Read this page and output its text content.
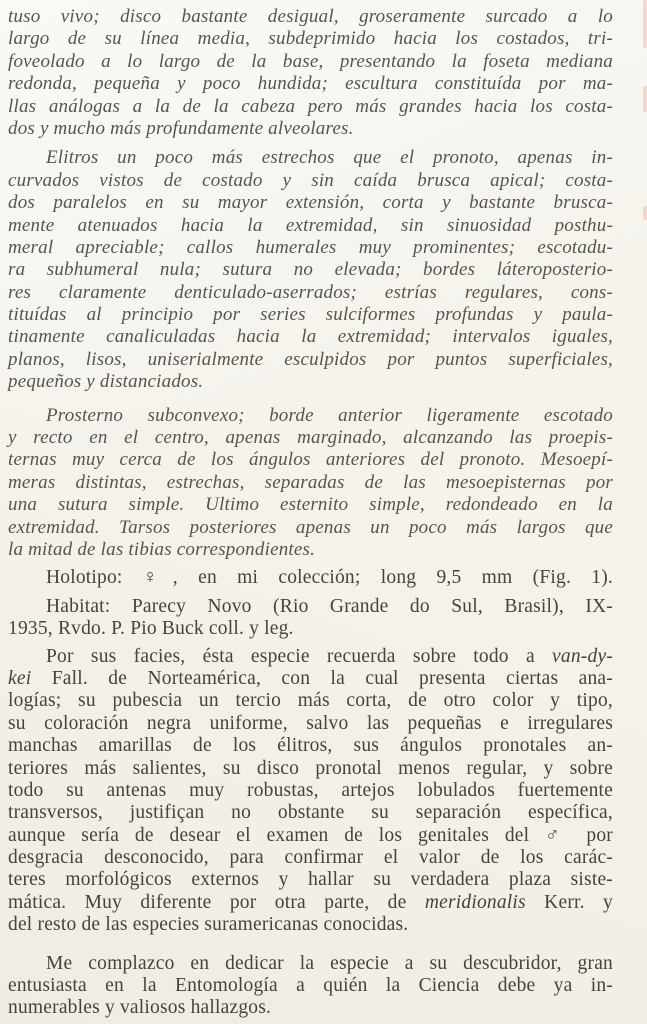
tuso vivo; disco bastante desigual, groseramente surcado a lo
largo de su línea media, subdeprimido hacia los costados, tri-
foveolado a lo largo de la base, presentando la foseta mediana
redonda, pequeña y poco hundida; escultura constituída por ma-
llas análogas a la de la cabeza pero más grandes hacia los costa-
dos y mucho más profundamente alveolares.
Elitros un poco más estrechos que el pronoto, apenas in-
curvados vistos de costado y sin caída brusca apical; costa-
dos paralelos en su mayor extensión, corta y bastante brusca-
mente atenuados hacia la extremidad, sin sinuosidad posthu-
meral apreciable; callos humerales muy prominentes; escotadu-
ra subhumeral nula; sutura no elevada; bordes láteroposterio-
res claramente denticulado-aserrados; estrías regulares, cons-
tituídas al principio por series sulciformes profundas y paula-
tinamente canaliculadas hacia la extremidad; intervalos iguales,
planos, lisos, uniserialmente esculpidos por puntos superficiales,
pequeños y distanciados.
Prosterno subconvexo; borde anterior ligeramente escotado
y recto en el centro, apenas marginado, alcanzando las proepis-
ternas muy cerca de los ángulos anteriores del pronoto. Mesoepí-
meras distintas, estrechas, separadas de las mesoepisternas por
una sutura simple. Ultimo esternito simple, redondeado en la
extremidad. Tarsos posteriores apenas un poco más largos que
la mitad de las tibias correspondientes.
Holotipo: ♀, en mi colección; long 9,5 mm (Fig. 1).
Habitat: Parecy Novo (Rio Grande do Sul, Brasil), IX-
1935, Rvdo. P. Pio Buck coll. y leg.
Por sus facies, ésta especie recuerda sobre todo a van-dy-
kei Fall. de Norteamérica, con la cual presenta ciertas ana-
logías; su pubescia un tercio más corta, de otro color y tipo,
su coloración negra uniforme, salvo las pequeñas e irregulares
manchas amarillas de los élitros, sus ángulos pronotales an-
teriores más salientes, su disco pronotal menos regular, y sobre
todo su antenas muy robustas, artejos lobulados fuertemente
transversos, justifiçan no obstante su separación específica,
aunque sería de desear el examen de los genitales del ♂ por
desgracia desconocido, para confirmar el valor de los carác-
teres morfológicos externos y hallar su verdadera plaza siste-
mática. Muy diferente por otra parte, de meridionalis Kerr. y
del resto de las especies suramericanas conocidas.
Me complazco en dedicar la especie a su descubridor, gran
entusiasta en la Entomología a quién la Ciencia debe ya in-
numerables y valiosos hallazgos.
